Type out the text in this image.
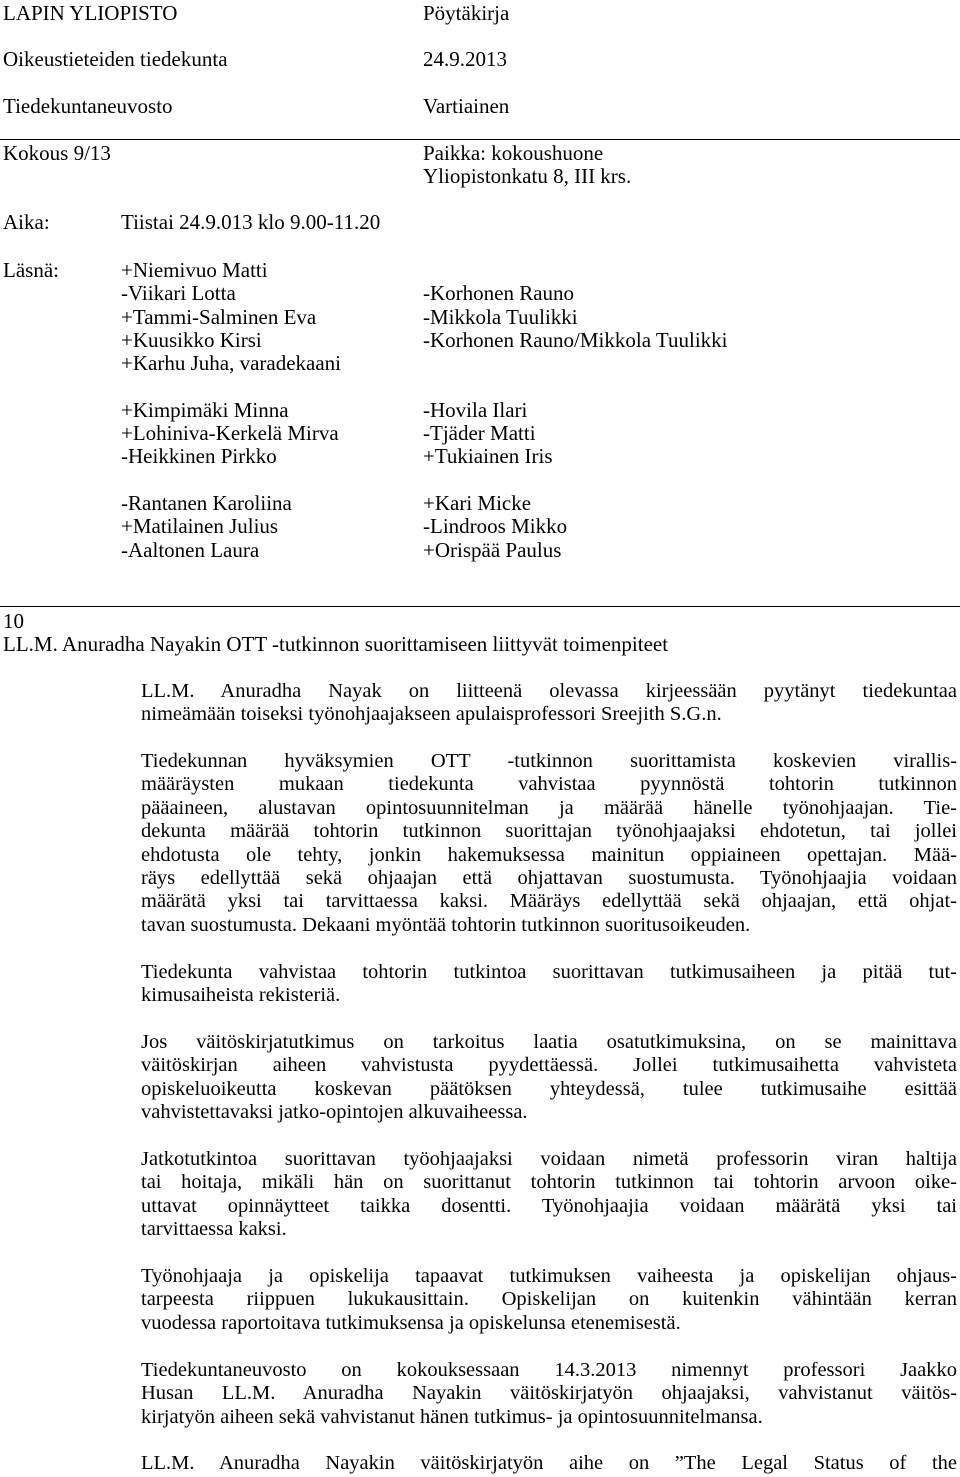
LAPIN YLIOPISTO	Pöytäkirja
Oikeustieteiden tiedekunta	24.9.2013
Tiedekuntaneuvosto	Vartiainen
Kokous 9/13	Paikka: kokoushuone
Yliopistonkatu 8, III krs.
Aika:	Tiistai 24.9.013 klo 9.00-11.20
Läsnä:	+Niemivuo Matti
-Viikari Lotta	-Korhonen Rauno
+Tammi-Salminen Eva	-Mikkola Tuulikki
+Kuusikko Kirsi	-Korhonen Rauno/Mikkola Tuulikki
+Karhu Juha, varadekaani
+Kimpimäki Minna	-Hovila Ilari
+Lohiniva-Kerkelä Mirva	-Tjäder Matti
-Heikkinen Pirkko	+Tukiainen Iris
-Rantanen Karoliina	+Kari Micke
+Matilainen Julius	-Lindroos Mikko
-Aaltonen Laura	+Orispää Paulus
10
LL.M. Anuradha Nayakin OTT -tutkinnon suorittamiseen liittyvät toimenpiteet
LL.M. Anuradha Nayak on liitteenä olevassa kirjeessään pyytänyt tiedekuntaa
nimeämään toiseksi työnohjaajakseen apulaisprofessori Sreejith S.G.n.
Tiedekunnan hyväksymien OTT -tutkinnon suorittamista koskevien virallis-
määräysten mukaan tiedekunta vahvistaa pyynnöstä tohtorin tutkinnon
pääaineen, alustavan opintosuunnitelman ja määrää hänelle työnohjaajan. Tie-
dekunta määrää tohtorin tutkinnon suorittajan työnohjaajaksi ehdotetun, tai jollei
ehdotusta ole tehty, jonkin hakemuksessa mainitun oppiaineen opettajan. Mää-
räys edellyttää sekä ohjaajan että ohjattavan suostumusta. Työnohjaajia voidaan
määrätä yksi tai tarvittaessa kaksi. Määräys edellyttää sekä ohjaajan, että ohjat-
tavan suostumusta. Dekaani myöntää tohtorin tutkinnon suoritusoikeuden.
Tiedekunta vahvistaa tohtorin tutkintoa suorittavan tutkimusaiheen ja pitää tut-
kimusaiheista rekisteriä.
Jos väitöskirjatutkimus on tarkoitus laatia osatutkimuksina, on se mainittava
väitöskirjan aiheen vahvistusta pyydettäessä. Jollei tutkimusaihetta vahvisteta
opiskeluoikeutta koskevan päätöksen yhteydessä, tulee tutkimusaihe esittää
vahvistettavaksi jatko-opintojen alkuvaiheessa.
Jatkotutkintoa suorittavan työohjaajaksi voidaan nimetä professorin viran haltija
tai hoitaja, mikäli hän on suorittanut tohtorin tutkinnon tai tohtorin arvoon oike-
uttavat opinnäytteet taikka dosentti. Työnohjaajia voidaan määrätä yksi tai
tarvittaessa kaksi.
Työnohjaaja ja opiskelija tapaavat tutkimuksen vaiheesta ja opiskelijan ohjaus-
tarpeesta riippuen lukukausittain. Opiskelijan on kuitenkin vähintään kerran
vuodessa raportoitava tutkimuksensa ja opiskelunsa etenemisestä.
Tiedekuntaneuvosto on kokouksessaan 14.3.2013 nimennyt professori Jaakko
Husan LL.M. Anuradha Nayakin väitöskirjatyön ohjaajaksi, vahvistanut väitös-
kirjatyön aiheen sekä vahvistanut hänen tutkimus- ja opintosuunnitelmansa.
LL.M. Anuradha Nayakin väitöskirjatyön aihe on ”The Legal Status of the
